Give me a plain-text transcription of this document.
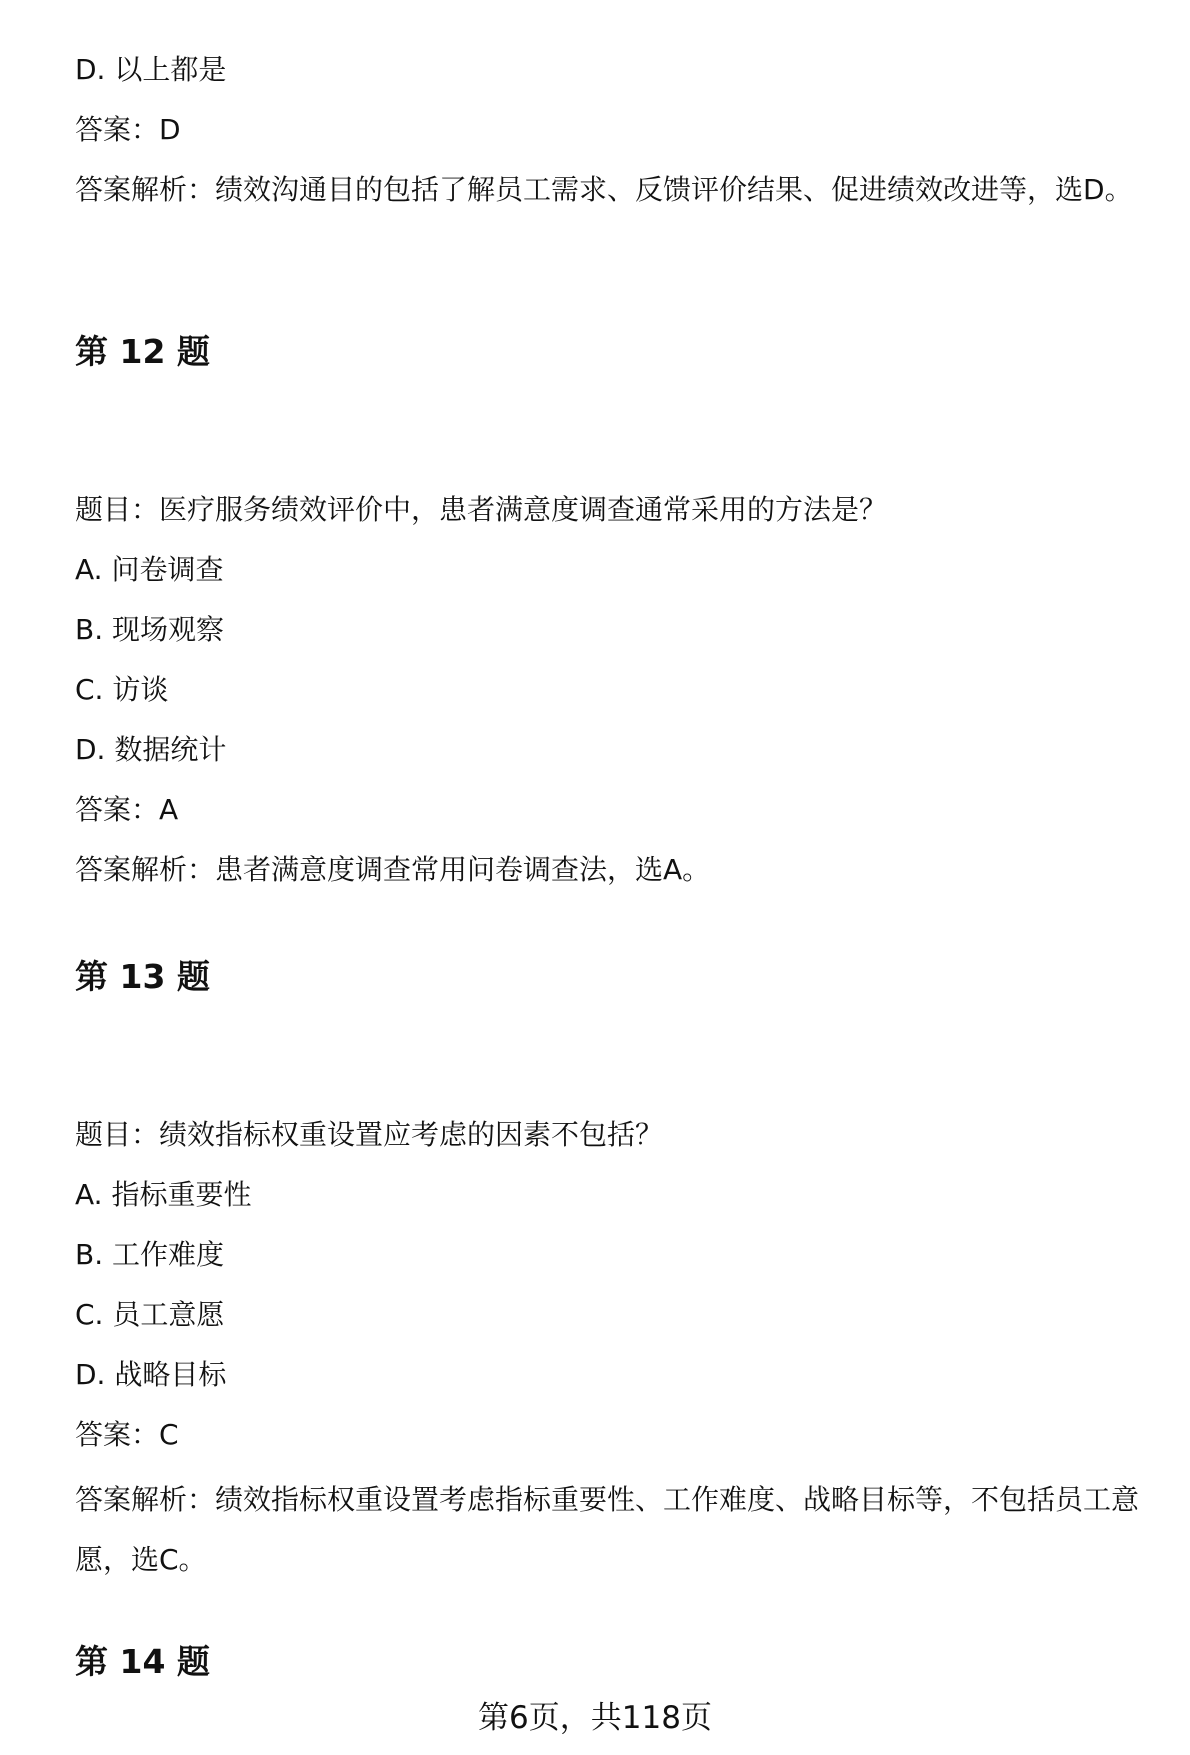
D. 以上都是
答案：D
答案解析：绩效沟通目的包括了解员工需求、反馈评价结果、促进绩效改进等，选D。
第 12 题
题目：医疗服务绩效评价中，患者满意度调查通常采用的方法是？
A. 问卷调查
B. 现场观察
C. 访谈
D. 数据统计
答案：A
答案解析：患者满意度调查常用问卷调查法，选A。
第 13 题
题目：绩效指标权重设置应考虑的因素不包括？
A. 指标重要性
B. 工作难度
C. 员工意愿
D. 战略目标
答案：C
答案解析：绩效指标权重设置考虑指标重要性、工作难度、战略目标等，不包括员工意愿，选C。
第 14 题
第6页，共118页
